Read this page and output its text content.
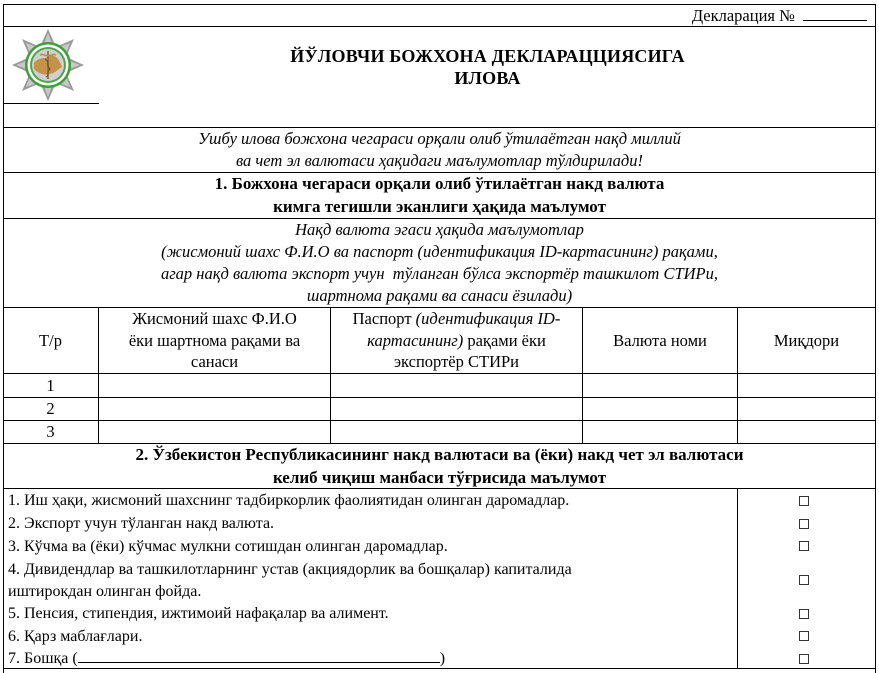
Декларация №
ЙЎЛОВЧИ БОЖХОНА ДЕКЛАРАЦЦИЯСИГА
ИЛОВА
Ушбу илова божхона чегараси орқали олиб ўтилаётган нақд миллий
ва чет эл валютаси ҳақидаги маълумотлар тўлдирилади!
1. Божхона чегараси орқали олиб ўтилаётган накд валюта
кимга тегишли эканлиги ҳақида маълумот
Нақд валюта эгаси ҳақида маълумотлар
(жисмоний шахс Ф.И.О ва паспорт (идентификация ID-картасининг) рақами,
агар нақд валюта экспорт учун  тўланган бўлса экспортёр ташкилот СТИРи,
шартнома рақами ва санаси ёзилади)
Т/р
Жисмоний шахс Ф.И.О
ёки шартнома рақами ва
санаси
Паспорт (идентификация ID-
картасининг) рақами ёки
экспортёр СТИРи
Валюта номи	Миқдори
1
2
3
2. Ўзбекистон Республикасининг накд валютаси ва (ёки) накд чет эл валютаси
келиб чиқиш манбаси тўғрисида маълумот
1. Иш ҳақи, жисмоний шахснинг тадбиркорлик фаолиятидан олинган даромадлар.
2. Экспорт учун тўланган накд валюта.
3. Кўчма ва (ёки) кўчмас мулкни сотишдан олинган даромадлар.
4. Дивидендлар ва ташкилотларнинг устав (акциядорлик ва бошқалар) капиталида
иштирокдан олинган фойда.
5. Пенсия, стипендия, ижтимоий нафақалар ва алимент.
6. Қарз маблағлари.
7. Бошқа (	)
